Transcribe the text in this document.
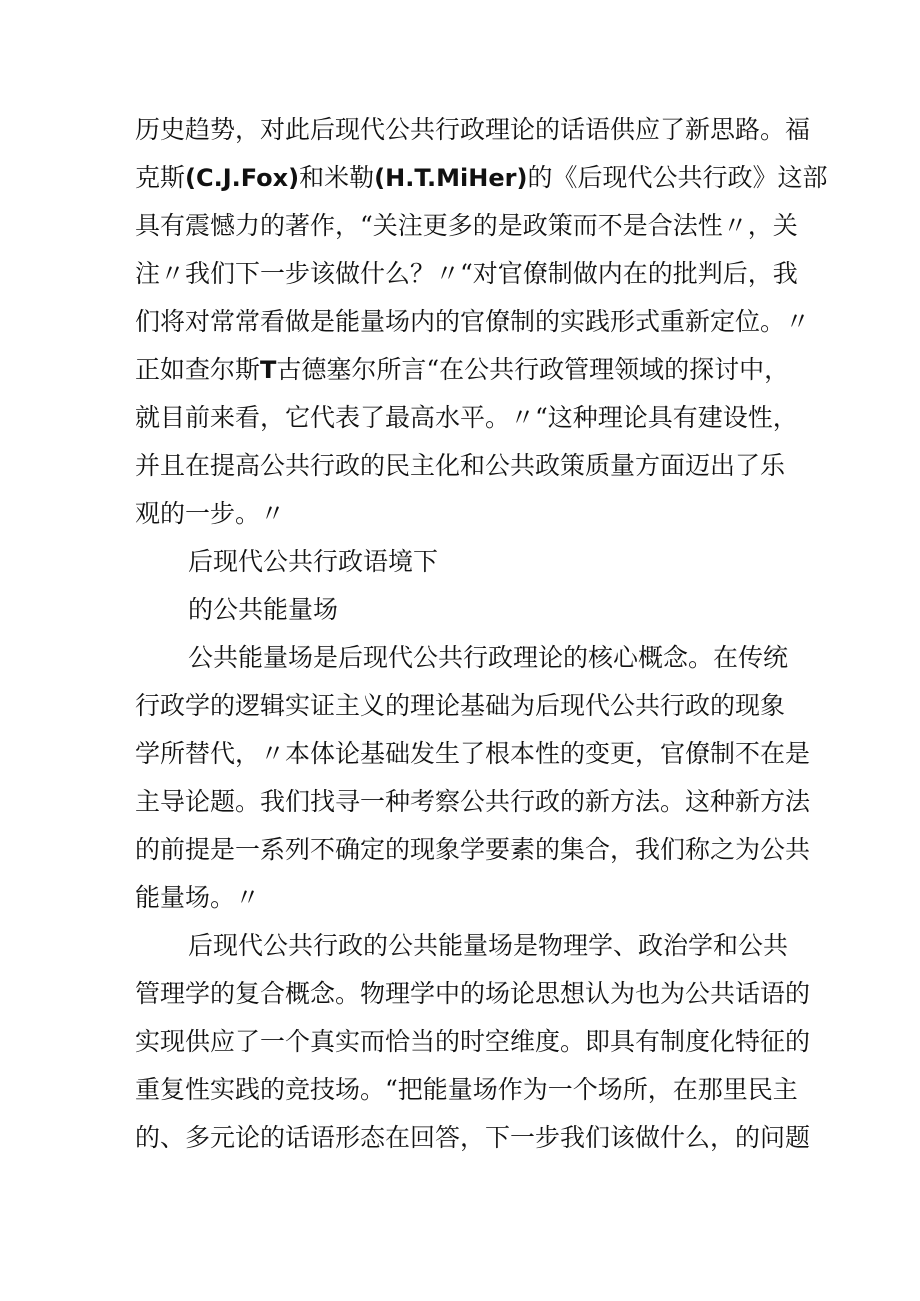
历史趋势，对此后现代公共行政理论的话语供应了新思路。福
克斯(C.J.Fox)和米勒(H.T.MiHer)的《后现代公共行政》这部
具有震憾力的著作，“关注更多的是政策而不是合法性〃，关
注〃我们下一步该做什么？〃“对官僚制做内在的批判后，我
们将对常常看做是能量场内的官僚制的实践形式重新定位。〃
正如查尔斯T古德塞尔所言“在公共行政管理领域的探讨中，
就目前来看，它代表了最高水平。〃“这种理论具有建设性，
并且在提高公共行政的民主化和公共政策质量方面迈出了乐
观的一步。〃
后现代公共行政语境下
的公共能量场
公共能量场是后现代公共行政理论的核心概念。在传统
行政学的逻辑实证主义的理论基础为后现代公共行政的现象
学所替代，〃本体论基础发生了根本性的变更，官僚制不在是
主导论题。我们找寻一种考察公共行政的新方法。这种新方法
的前提是一系列不确定的现象学要素的集合，我们称之为公共
能量场。〃
后现代公共行政的公共能量场是物理学、政治学和公共
管理学的复合概念。物理学中的场论思想认为也为公共话语的
实现供应了一个真实而恰当的时空维度。即具有制度化特征的
重复性实践的竞技场。“把能量场作为一个场所，在那里民主
的、多元论的话语形态在回答，下一步我们该做什么，的问题
